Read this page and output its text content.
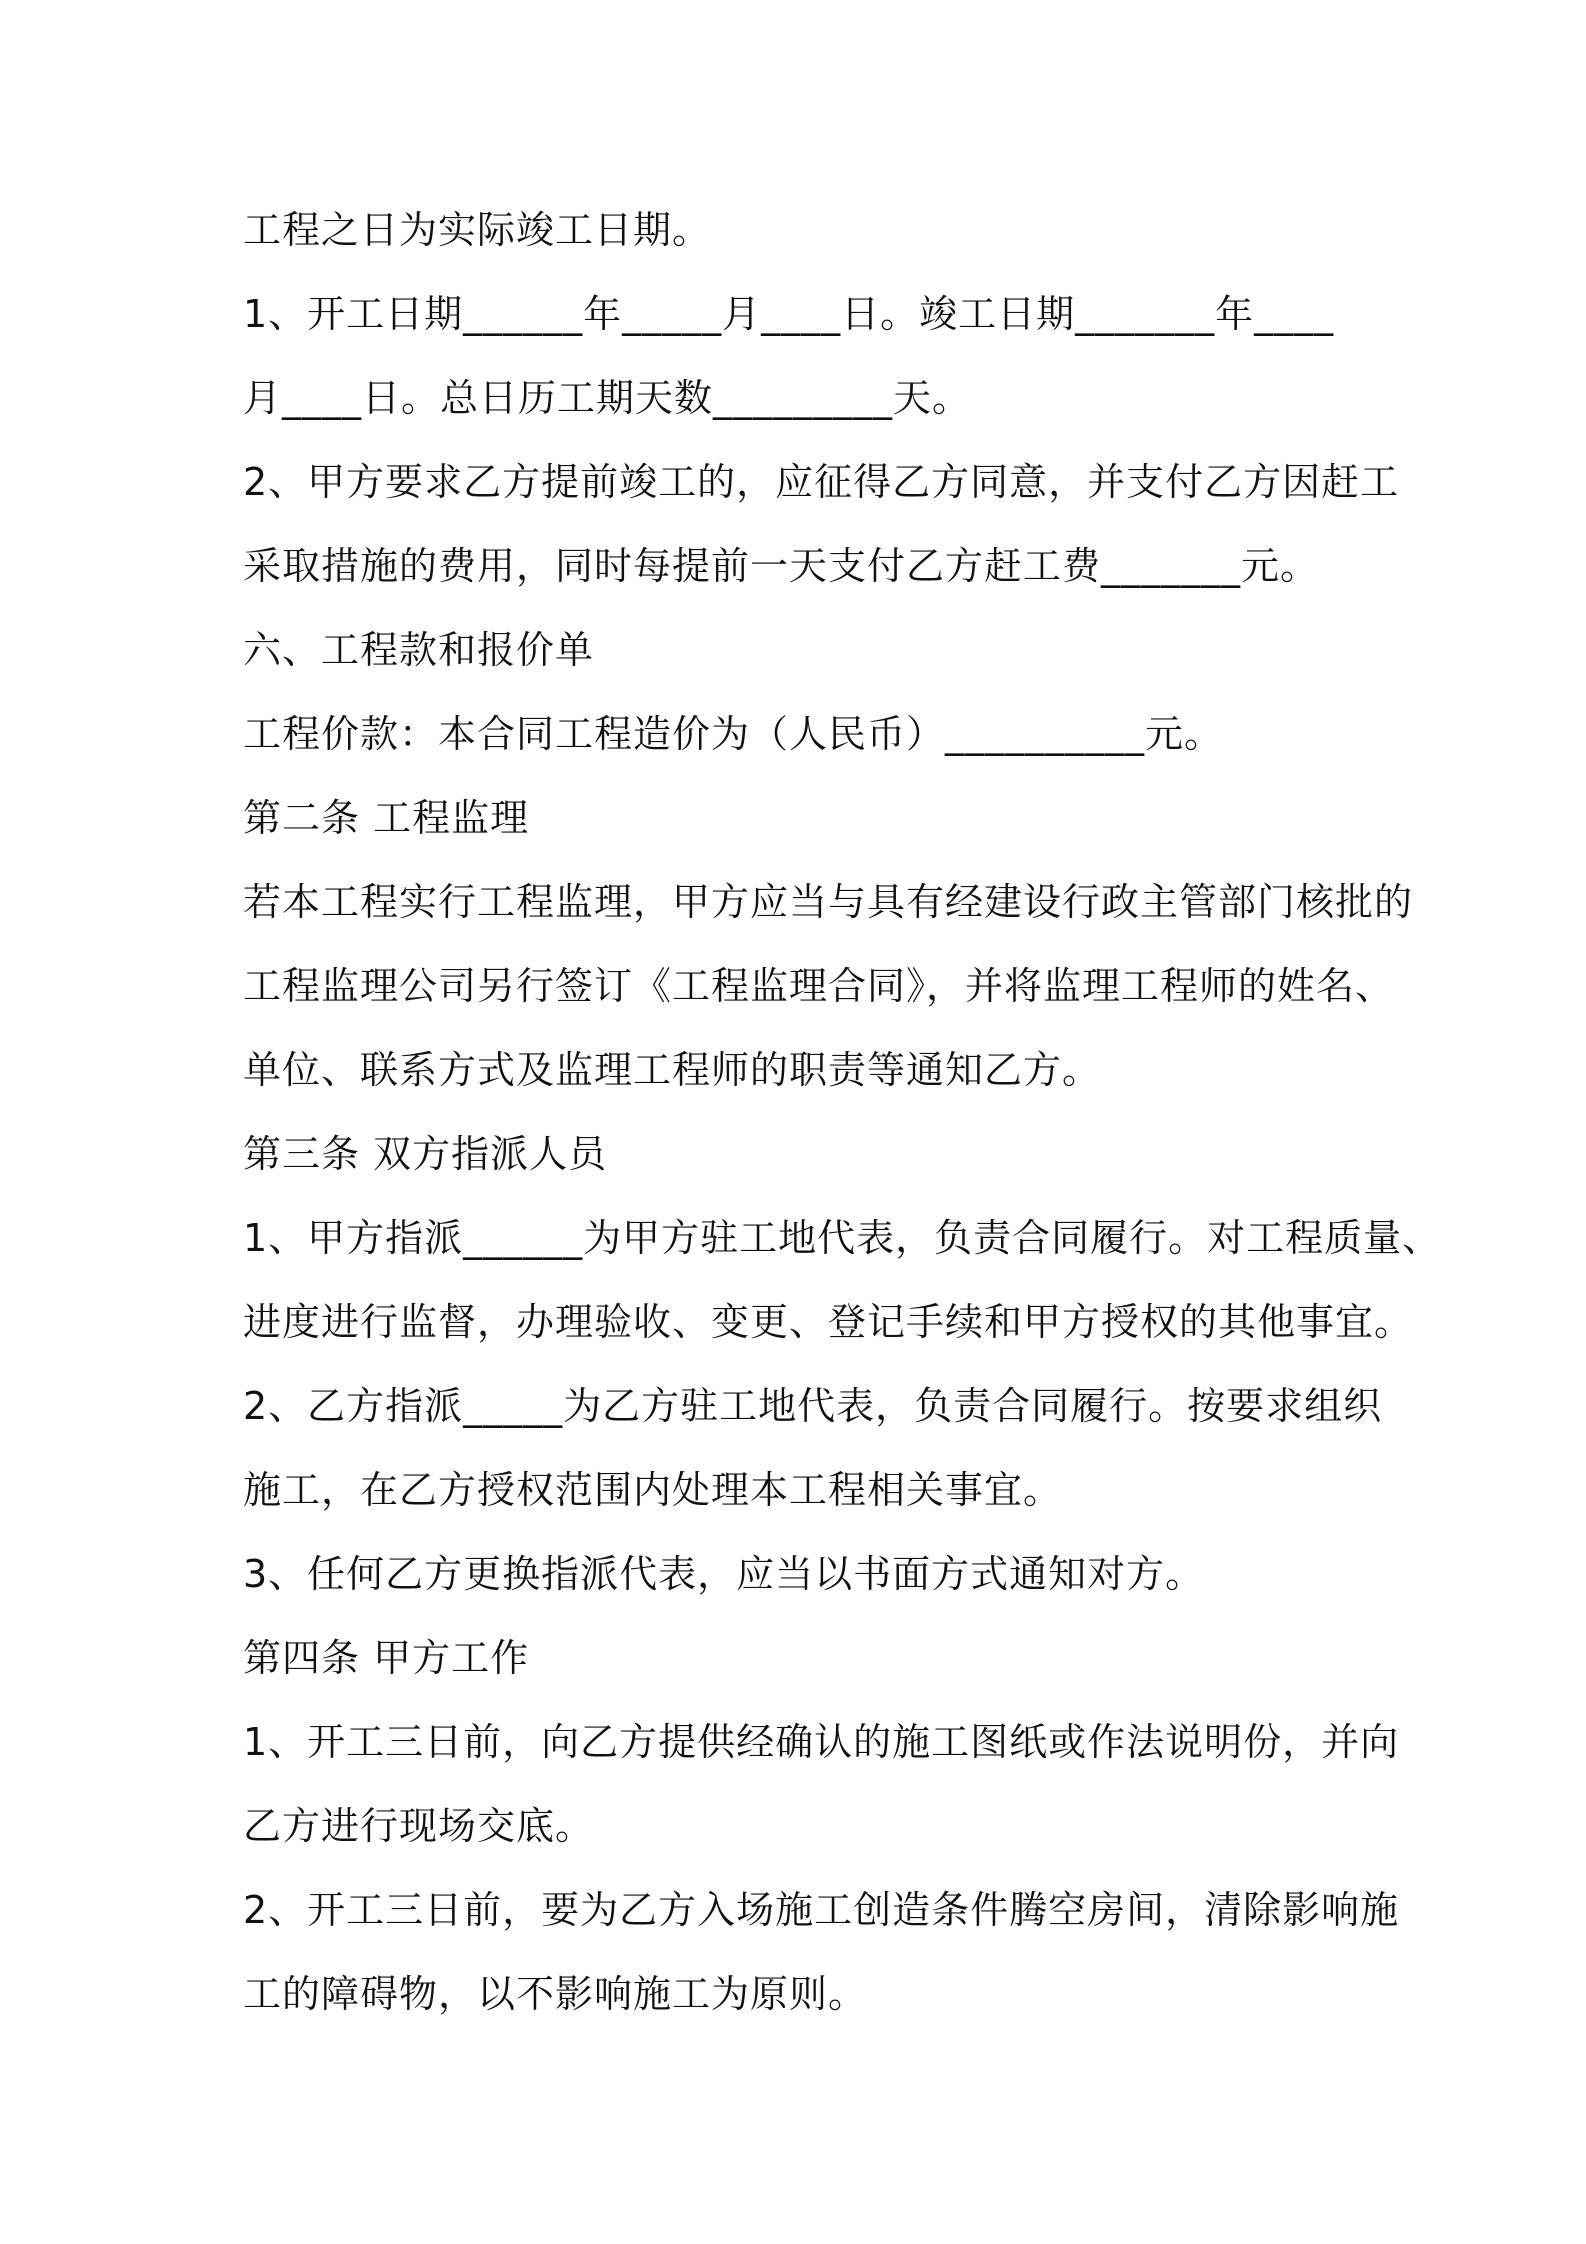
工程之日为实际竣工日期。

1、开工日期______年_____月____日。竣工日期_______年____

月____日。总日历工期天数_________天。

2、甲方要求乙方提前竣工的，应征得乙方同意，并支付乙方因赶工

采取措施的费用，同时每提前一天支付乙方赶工费_______元。

六、工程款和报价单

工程价款：本合同工程造价为（人民币）__________元。

第二条 工程监理

若本工程实行工程监理，甲方应当与具有经建设行政主管部门核批的

工程监理公司另行签订《工程监理合同》，并将监理工程师的姓名、

单位、联系方式及监理工程师的职责等通知乙方。

第三条 双方指派人员

1、甲方指派______为甲方驻工地代表，负责合同履行。对工程质量、

进度进行监督，办理验收、变更、登记手续和甲方授权的其他事宜。

2、乙方指派_____为乙方驻工地代表，负责合同履行。按要求组织

施工，在乙方授权范围内处理本工程相关事宜。

3、任何乙方更换指派代表，应当以书面方式通知对方。

第四条 甲方工作

1、开工三日前，向乙方提供经确认的施工图纸或作法说明份，并向

乙方进行现场交底。

2、开工三日前，要为乙方入场施工创造条件腾空房间，清除影响施

工的障碍物，以不影响施工为原则。
